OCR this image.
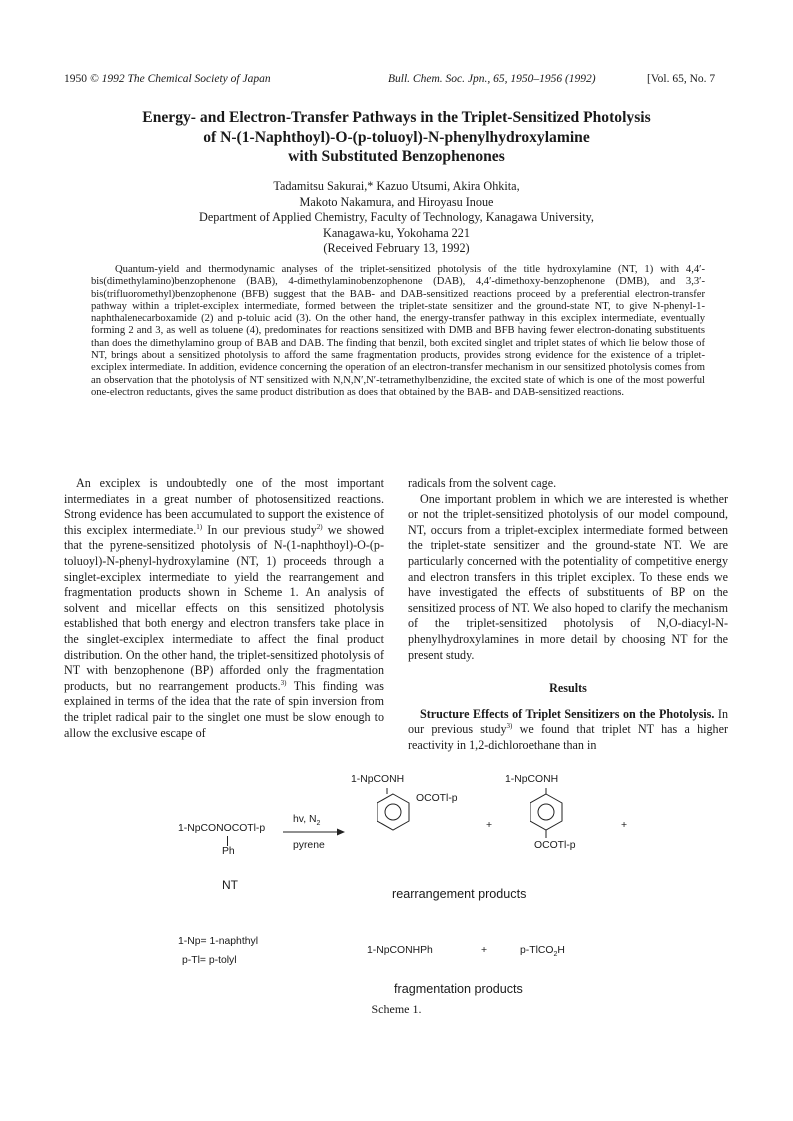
1950 © 1992 The Chemical Society of Japan	Bull. Chem. Soc. Jpn., 65, 1950–1956 (1992)	[Vol. 65, No. 7
Energy- and Electron-Transfer Pathways in the Triplet-Sensitized Photolysis
of N-(1-Naphthoyl)-O-(p-toluoyl)-N-phenylhydroxylamine
with Substituted Benzophenones
Tadamitsu Sakurai,* Kazuo Utsumi, Akira Ohkita,
Makoto Nakamura, and Hiroyasu Inoue
Department of Applied Chemistry, Faculty of Technology, Kanagawa University,
Kanagawa-ku, Yokohama 221
(Received February 13, 1992)
Quantum-yield and thermodynamic analyses of the triplet-sensitized photolysis of the title hydroxylamine (NT, 1) with 4,4′-bis(dimethylamino)benzophenone (BAB), 4-dimethylaminobenzophenone (DAB), 4,4′-dimethoxy-benzophenone (DMB), and 3,3′-bis(trifluoromethyl)benzophenone (BFB) suggest that the BAB- and DAB-sensitized reactions proceed by a preferential electron-transfer pathway within a triplet-exciplex intermediate, formed between the triplet-state sensitizer and the ground-state NT, to give N-phenyl-1-naphthalenecarboxamide (2) and p-toluic acid (3). On the other hand, the energy-transfer pathway in this exciplex intermediate, eventually forming 2 and 3, as well as toluene (4), predominates for reactions sensitized with DMB and BFB having fewer electron-donating substituents than does the dimethylamino group of BAB and DAB. The finding that benzil, both excited singlet and triplet states of which lie below those of NT, brings about a sensitized photolysis to afford the same fragmentation products, provides strong evidence for the existence of a triplet-exciplex intermediate. In addition, evidence concerning the operation of an electron-transfer mechanism in our sensitized photolysis comes from an observation that the photolysis of NT sensitized with N,N,N′,N′-tetramethylbenzidine, the excited state of which is one of the most powerful one-electron reductants, gives the same product distribution as does that obtained by the BAB- and DAB-sensitized reactions.

An exciplex is undoubtedly one of the most important intermediates in a great number of photosensitized reactions. Strong evidence has been accumulated to support the existence of this exciplex intermediate.$^{1)}$ In our previous study$^{2)}$ we showed that the pyrene-sensitized photolysis of N-(1-naphthoyl)-O-(p-toluoyl)-N-phenyl-hydroxylamine (NT, 1) proceeds through a singlet-exciplex intermediate to yield the rearrangement and fragmentation products shown in Scheme 1. An analysis of solvent and micellar effects on this sensitized photolysis established that both energy and electron transfers take place in the singlet-exciplex intermediate to affect the final product distribution. On the other hand, the triplet-sensitized photolysis of NT with benzophenone (BP) afforded only the fragmentation products, but no rearrangement products.$^{3)}$ This finding was explained in terms of the idea that the rate of spin inversion from the triplet radical pair to the singlet one must be slow enough to allow the exclusive escape of

radicals from the solvent cage.

One important problem in which we are interested is whether or not the triplet-sensitized photolysis of our model compound, NT, occurs from a triplet-exciplex intermediate formed between the triplet-state sensitizer and the ground-state NT. We are particularly concerned with the potentiality of competitive energy and electron transfers in this triplet exciplex. To these ends we have investigated the effects of substituents of BP on the sensitized process of NT. We also hoped to clarify the mechanism of the triplet-sensitized photolysis of N,O-diacyl-N-phenylhydroxylamines in more detail by choosing NT for the present study.

Results

Structure Effects of Triplet Sensitizers on the Photolysis. In our previous study$^{3)}$ we found that triplet NT has a higher reactivity in 1,2-dichloroethane than in

1-NpCONOCOTl-p
Ph
hv, $N_2$
pyrene
NT
1-NpCONH
OCOTl-p
+
1-NpCONH
OCOTl-p
+
rearrangement products
1-Np= 1-naphthyl
p-Tl= p-tolyl
1-NpCONHPh	+	p-TlCO$_2$H
fragmentation products
Scheme 1.
